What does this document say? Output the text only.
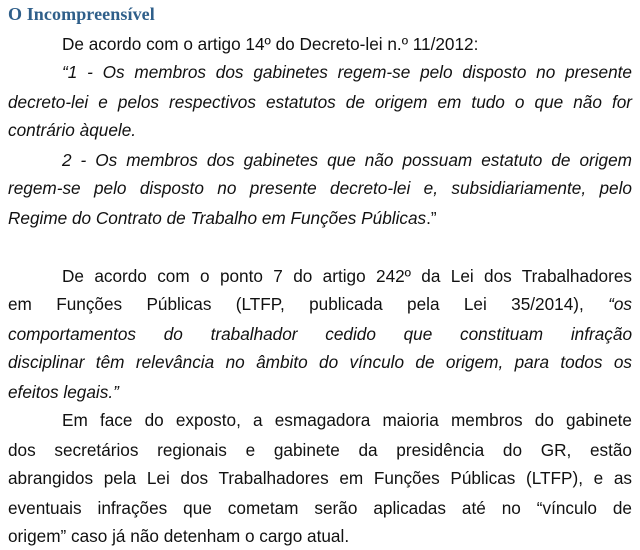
O Incompreensível
De acordo com o artigo 14º do Decreto-lei n.º 11/2012:
“1 - Os membros dos gabinetes regem-se pelo disposto no presente
decreto-lei e pelos respectivos estatutos de origem em tudo o que não for
contrário àquele.
2 - Os membros dos gabinetes que não possuam estatuto de origem
regem-se pelo disposto no presente decreto-lei e, subsidiariamente, pelo
Regime do Contrato de Trabalho em Funções Públicas.”
De acordo com o ponto 7 do artigo 242º da Lei dos Trabalhadores
em Funções Públicas (LTFP, publicada pela Lei 35/2014), “os
comportamentos do trabalhador cedido que constituam infração
disciplinar têm relevância no âmbito do vínculo de origem, para todos os
efeitos legais.”
Em face do exposto, a esmagadora maioria membros do gabinete
dos secretários regionais e gabinete da presidência do GR, estão
abrangidos pela Lei dos Trabalhadores em Funções Públicas (LTFP), e as
eventuais infrações que cometam serão aplicadas até no “vínculo de
origem” caso já não detenham o cargo atual.
